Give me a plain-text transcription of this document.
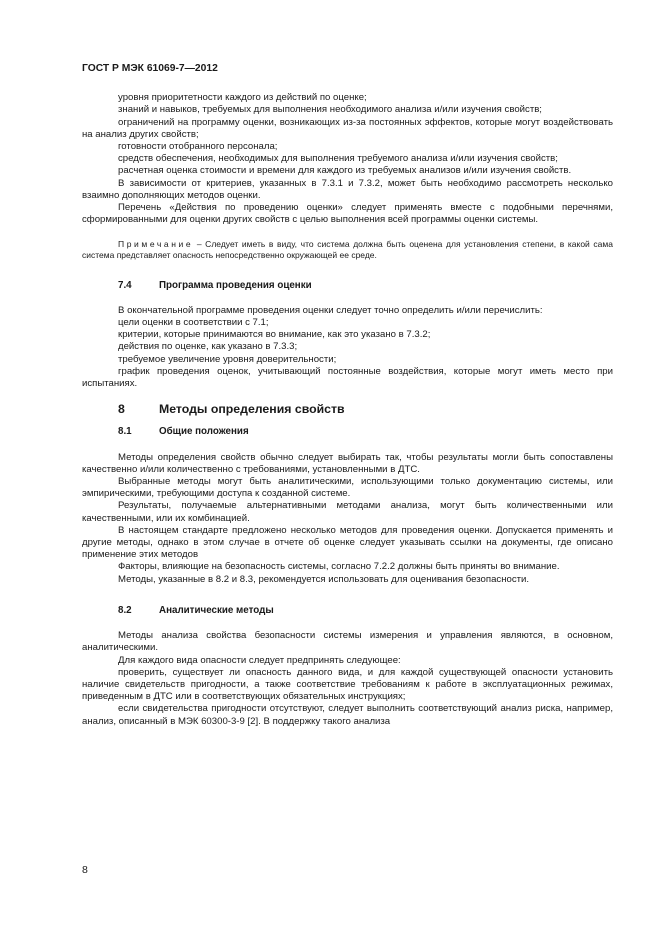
ГОСТ Р МЭК 61069-7—2012

уровня приоритетности каждого из действий по оценке;

знаний и навыков, требуемых для выполнения необходимого анализа и/или изучения свойств;

ограничений на программу оценки, возникающих из-за постоянных эффектов, которые могут воздействовать на анализ других свойств;

готовности отобранного персонала;

средств обеспечения, необходимых для выполнения требуемого анализа и/или изучения свойств;

расчетная оценка стоимости и времени для каждого из требуемых анализов и/или изучения свойств.

В зависимости от критериев, указанных в 7.3.1 и 7.3.2, может быть необходимо рассмотреть несколько взаимно дополняющих методов оценки.

Перечень «Действия по проведению оценки» следует применять вместе с подобными перечнями, сформированными для оценки других свойств с целью выполнения всей программы оценки системы.

Примечание – Следует иметь в виду, что система должна быть оценена для установления степени, в какой сама система представляет опасность непосредственно окружающей ее среде.

7.4	Программа проведения оценки

В окончательной программе проведения оценки следует точно определить и/или перечислить:

цели оценки в соответствии с 7.1;

критерии, которые принимаются во внимание, как это указано в 7.3.2;

действия по оценке, как указано в 7.3.3;

требуемое увеличение уровня доверительности;

график проведения оценок, учитывающий постоянные воздействия, которые могут иметь место при испытаниях.

8	Методы определения свойств
8.1	Общие положения

Методы определения свойств обычно следует выбирать так, чтобы результаты могли быть сопоставлены качественно и/или количественно с требованиями, установленными в ДТС.

Выбранные методы могут быть аналитическими, использующими только документацию системы, или эмпирическими, требующими доступа к созданной системе.

Результаты, получаемые альтернативными методами анализа, могут быть количественными или качественными, или их комбинацией.

В настоящем стандарте предложено несколько методов для проведения оценки. Допускается применять и другие методы, однако в этом случае в отчете об оценке следует указывать ссылки на документы, где описано применение этих методов

Факторы, влияющие на безопасность системы, согласно 7.2.2 должны быть приняты во внимание.

Методы, указанные в 8.2 и 8.3, рекомендуется использовать для оценивания безопасности.

8.2	Аналитические методы

Методы анализа свойства безопасности системы измерения и управления являются, в основном, аналитическими.

Для каждого вида опасности следует предпринять следующее:

проверить, существует ли опасность данного вида, и для каждой существующей опасности установить наличие свидетельств пригодности, а также соответствие требованиям к работе в эксплуатационных режимах, приведенным в ДТС или в соответствующих обязательных инструкциях;

если свидетельства пригодности отсутствуют, следует выполнить соответствующий анализ риска, например, анализ, описанный в МЭК 60300-3-9 [2]. В поддержку такого анализа

8
